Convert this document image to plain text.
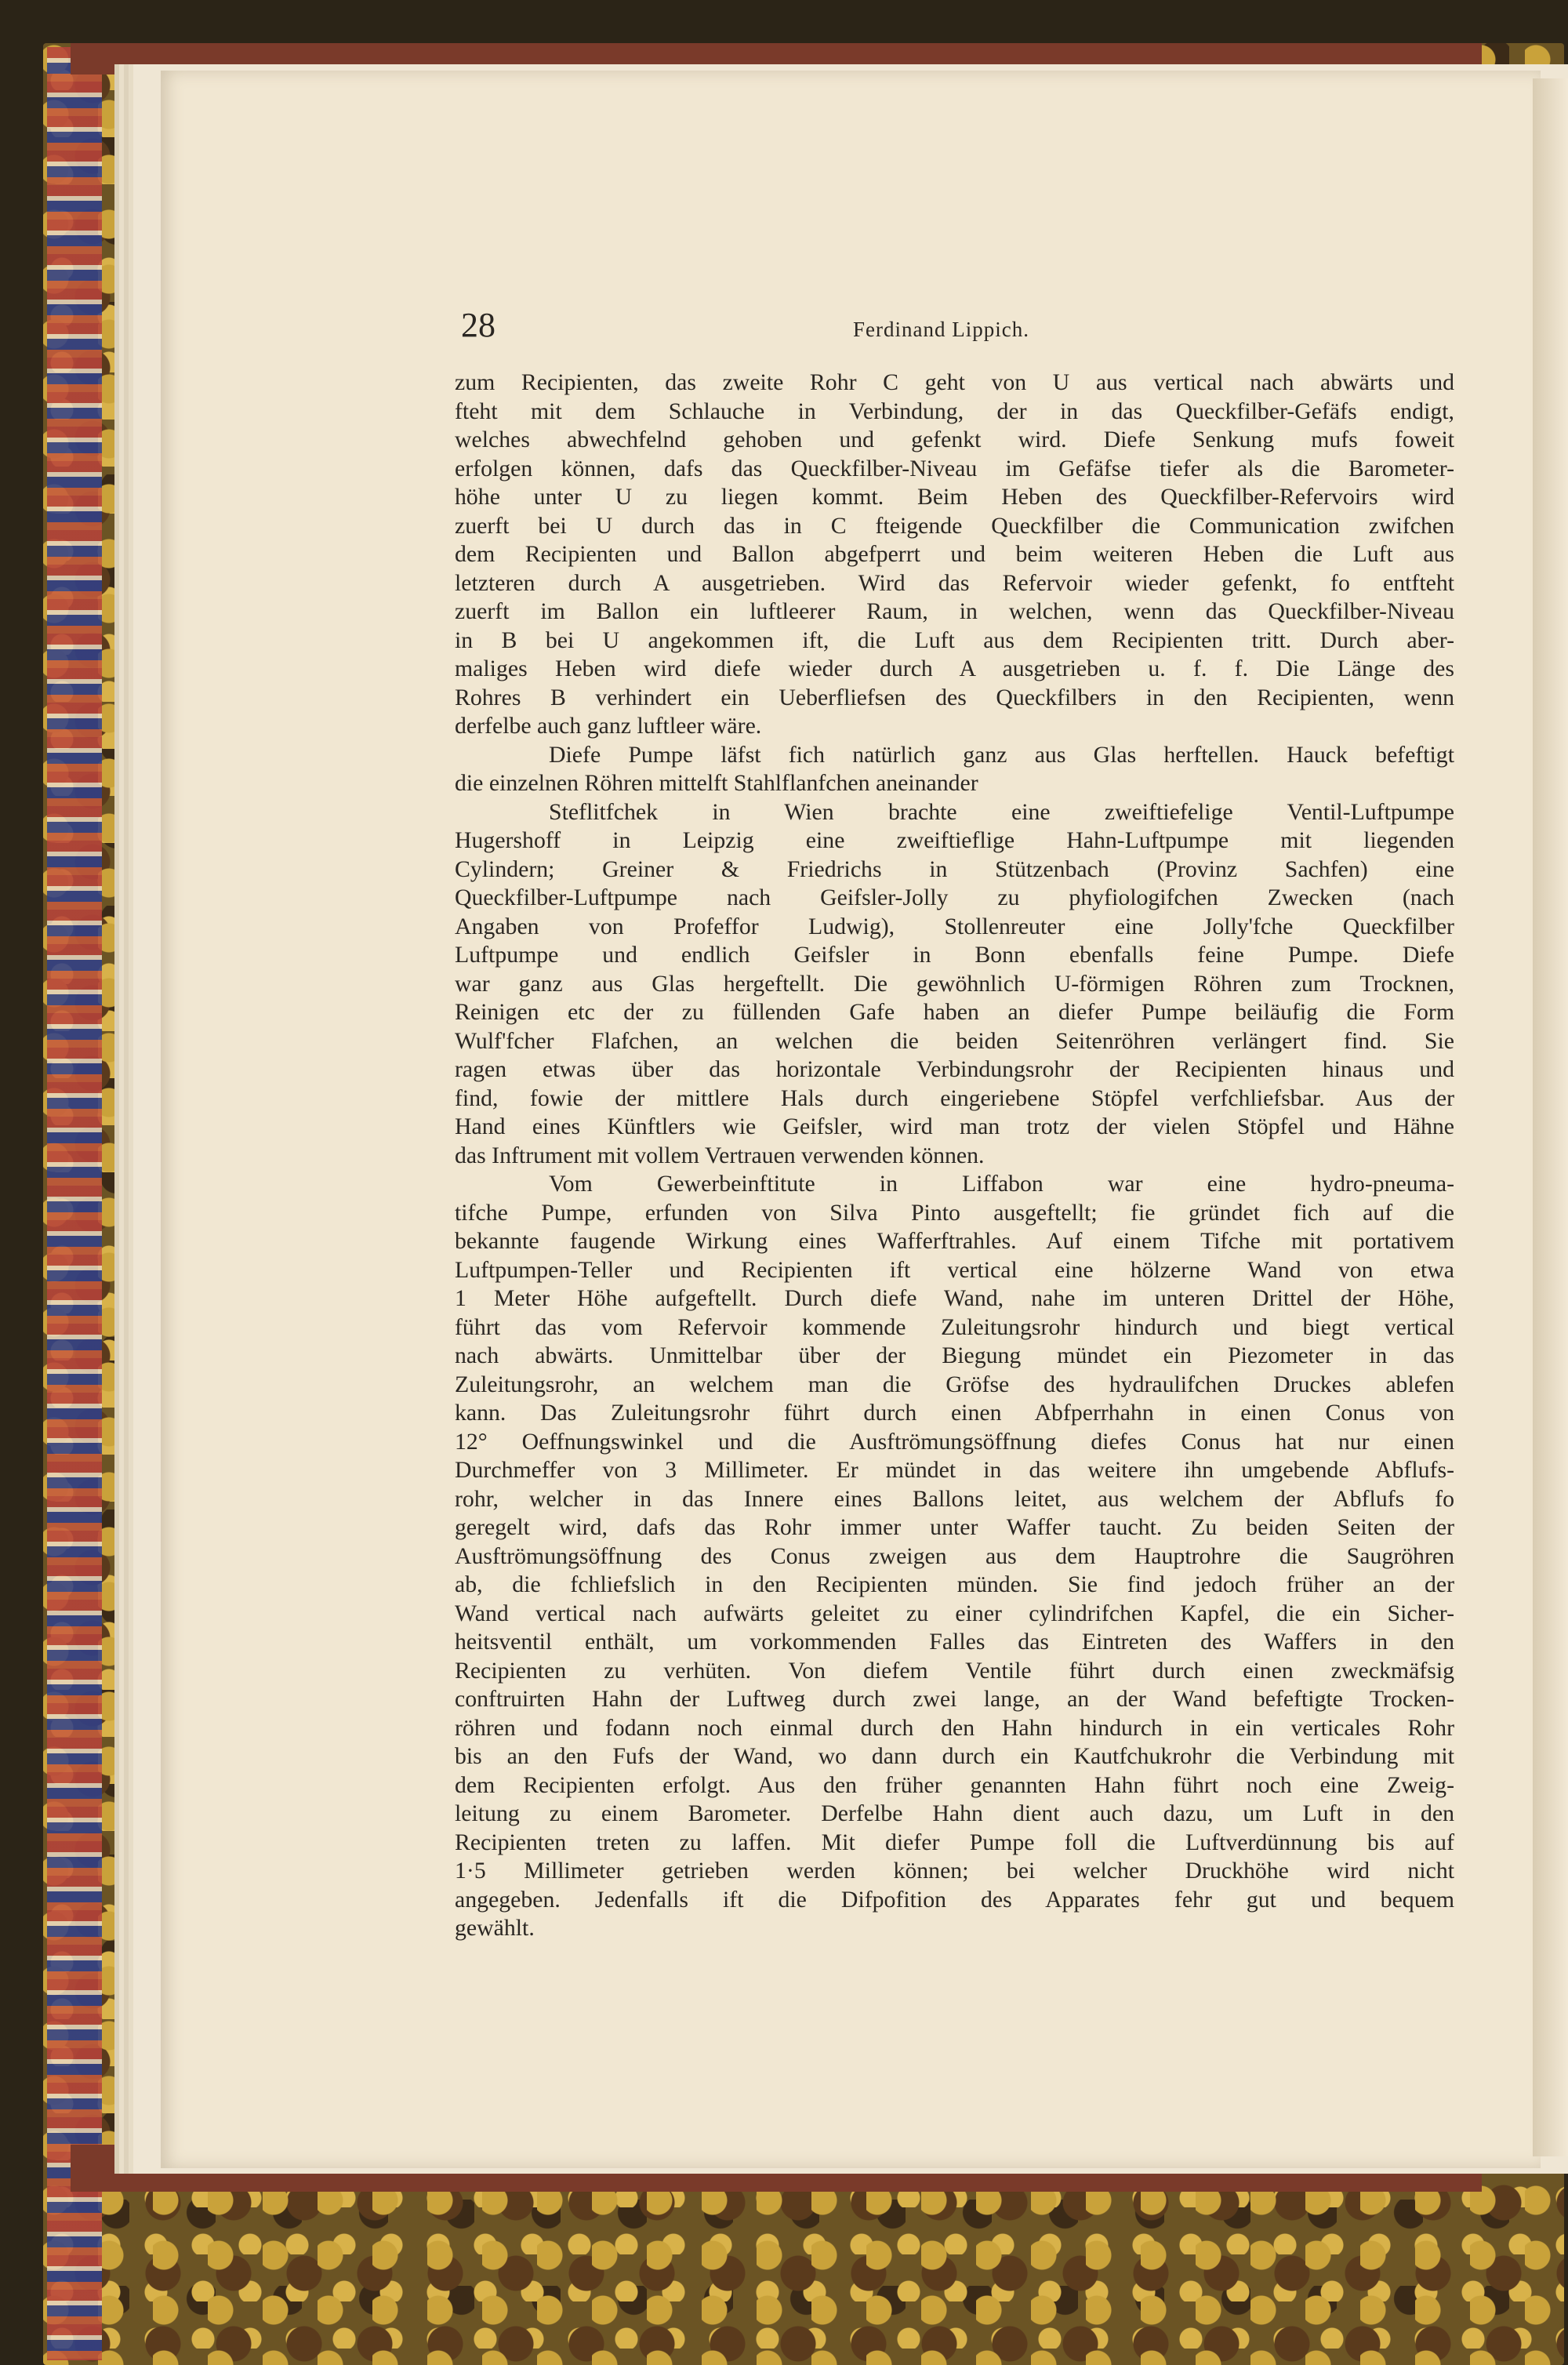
28	Ferdinand Lippich.
zum Recipienten, das zweite Rohr C geht von U aus vertical nach abwärts und
fteht mit dem Schlauche in Verbindung, der in das Queckfilber-Gefäfs endigt,
welches abwechfelnd gehoben und gefenkt wird. Diefe Senkung mufs foweit
erfolgen können, dafs das Queckfilber-Niveau im Gefäfse tiefer als die Barometer-
höhe unter U zu liegen kommt. Beim Heben des Queckfilber-Refervoirs wird
zuerft bei U durch das in C fteigende Queckfilber die Communication zwifchen
dem Recipienten und Ballon abgefperrt und beim weiteren Heben die Luft aus
letzteren durch A ausgetrieben. Wird das Refervoir wieder gefenkt, fo entfteht
zuerft im Ballon ein luftleerer Raum, in welchen, wenn das Queckfilber-Niveau
in B bei U angekommen ift, die Luft aus dem Recipienten tritt. Durch aber-
maliges Heben wird diefe wieder durch A ausgetrieben u. f. f. Die Länge des
Rohres B verhindert ein Ueberfliefsen des Queckfilbers in den Recipienten, wenn
derfelbe auch ganz luftleer wäre.
Diefe Pumpe läfst fich natürlich ganz aus Glas herftellen. Hauck befeftigt
die einzelnen Röhren mittelft Stahlflanfchen aneinander
Steflitfchek in Wien brachte eine zweiftiefelige Ventil-Luftpumpe
Hugershoff in Leipzig eine zweiftieflige Hahn-Luftpumpe mit liegenden
Cylindern; Greiner & Friedrichs in Stützenbach (Provinz Sachfen) eine
Queckfilber-Luftpumpe nach Geifsler-Jolly zu phyfiologifchen Zwecken (nach
Angaben von Profeffor Ludwig), Stollenreuter eine Jolly'fche Queckfilber
Luftpumpe und endlich Geifsler in Bonn ebenfalls feine Pumpe. Diefe
war ganz aus Glas hergeftellt. Die gewöhnlich U-förmigen Röhren zum Trocknen,
Reinigen etc der zu füllenden Gafe haben an diefer Pumpe beiläufig die Form
Wulf'fcher Flafchen, an welchen die beiden Seitenröhren verlängert find. Sie
ragen etwas über das horizontale Verbindungsrohr der Recipienten hinaus und
find, fowie der mittlere Hals durch eingeriebene Stöpfel verfchliefsbar. Aus der
Hand eines Künftlers wie Geifsler, wird man trotz der vielen Stöpfel und Hähne
das Inftrument mit vollem Vertrauen verwenden können.
Vom Gewerbeinftitute in Liffabon war eine hydro-pneuma-
tifche Pumpe, erfunden von Silva Pinto ausgeftellt; fie gründet fich auf die
bekannte faugende Wirkung eines Wafferftrahles. Auf einem Tifche mit portativem
Luftpumpen-Teller und Recipienten ift vertical eine hölzerne Wand von etwa
1 Meter Höhe aufgeftellt. Durch diefe Wand, nahe im unteren Drittel der Höhe,
führt das vom Refervoir kommende Zuleitungsrohr hindurch und biegt vertical
nach abwärts. Unmittelbar über der Biegung mündet ein Piezometer in das
Zuleitungsrohr, an welchem man die Gröfse des hydraulifchen Druckes ablefen
kann. Das Zuleitungsrohr führt durch einen Abfperrhahn in einen Conus von
12° Oeffnungswinkel und die Ausftrömungsöffnung diefes Conus hat nur einen
Durchmeffer von 3 Millimeter. Er mündet in das weitere ihn umgebende Abflufs-
rohr, welcher in das Innere eines Ballons leitet, aus welchem der Abflufs fo
geregelt wird, dafs das Rohr immer unter Waffer taucht. Zu beiden Seiten der
Ausftrömungsöffnung des Conus zweigen aus dem Hauptrohre die Saugröhren
ab, die fchliefslich in den Recipienten münden. Sie find jedoch früher an der
Wand vertical nach aufwärts geleitet zu einer cylindrifchen Kapfel, die ein Sicher-
heitsventil enthält, um vorkommenden Falles das Eintreten des Waffers in den
Recipienten zu verhüten. Von diefem Ventile führt durch einen zweckmäfsig
conftruirten Hahn der Luftweg durch zwei lange, an der Wand befeftigte Trocken-
röhren und fodann noch einmal durch den Hahn hindurch in ein verticales Rohr
bis an den Fufs der Wand, wo dann durch ein Kautfchukrohr die Verbindung mit
dem Recipienten erfolgt. Aus den früher genannten Hahn führt noch eine Zweig-
leitung zu einem Barometer. Derfelbe Hahn dient auch dazu, um Luft in den
Recipienten treten zu laffen. Mit diefer Pumpe foll die Luftverdünnung bis auf
1·5 Millimeter getrieben werden können; bei welcher Druckhöhe wird nicht
angegeben. Jedenfalls ift die Difpofition des Apparates fehr gut und bequem
gewählt.
